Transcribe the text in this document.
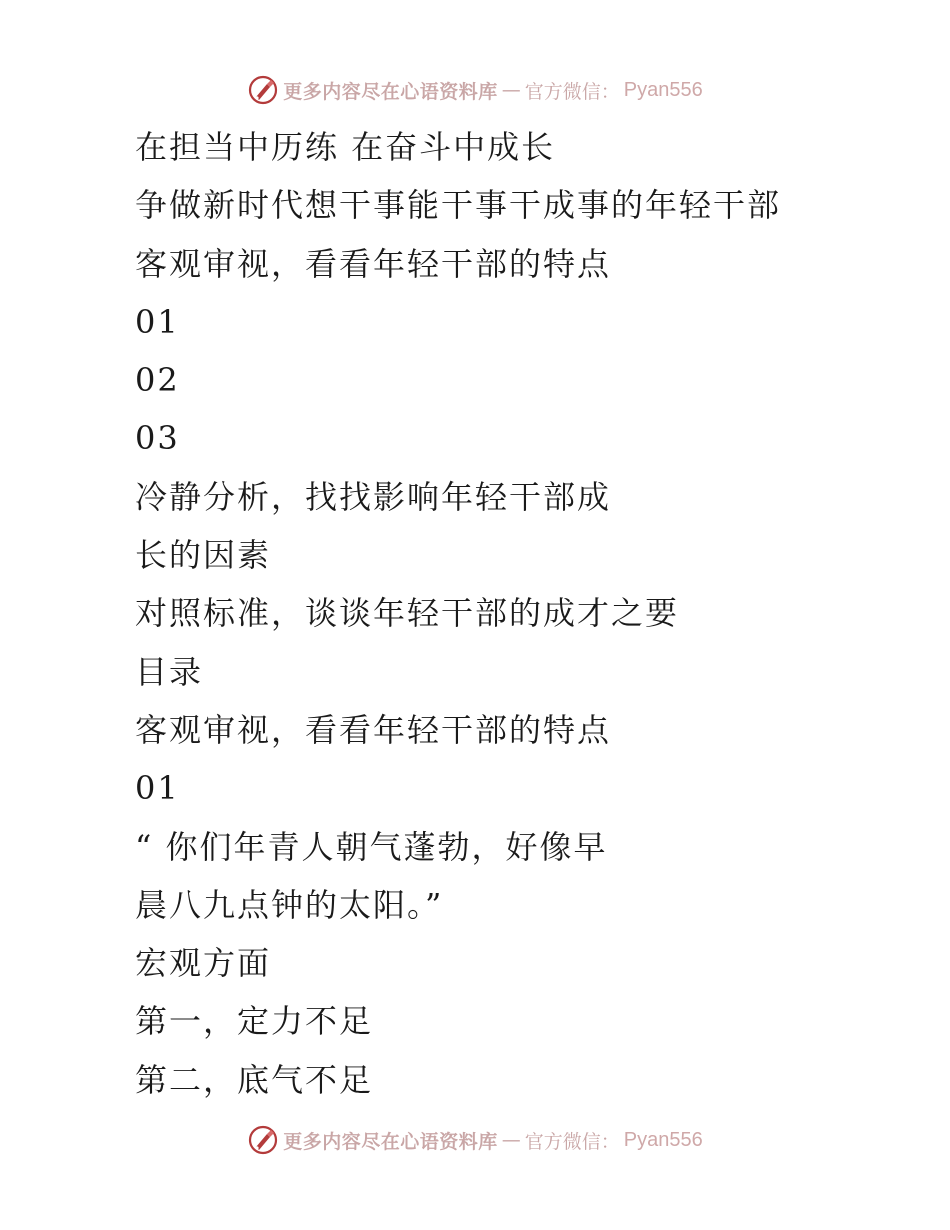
更多内容尽在心语资料库 — 官方微信： Pyan556
在担当中历练 在奋斗中成长
争做新时代想干事能干事干成事的年轻干部
客观审视，看看年轻干部的特点
01
02
03
冷静分析，找找影响年轻干部成
长的因素
对照标准，谈谈年轻干部的成才之要
目录
客观审视，看看年轻干部的特点
01
“ 你们年青人朝气蓬勃，好像早
晨八九点钟的太阳。”
宏观方面
第一，定力不足
第二，底气不足
更多内容尽在心语资料库 — 官方微信： Pyan556
